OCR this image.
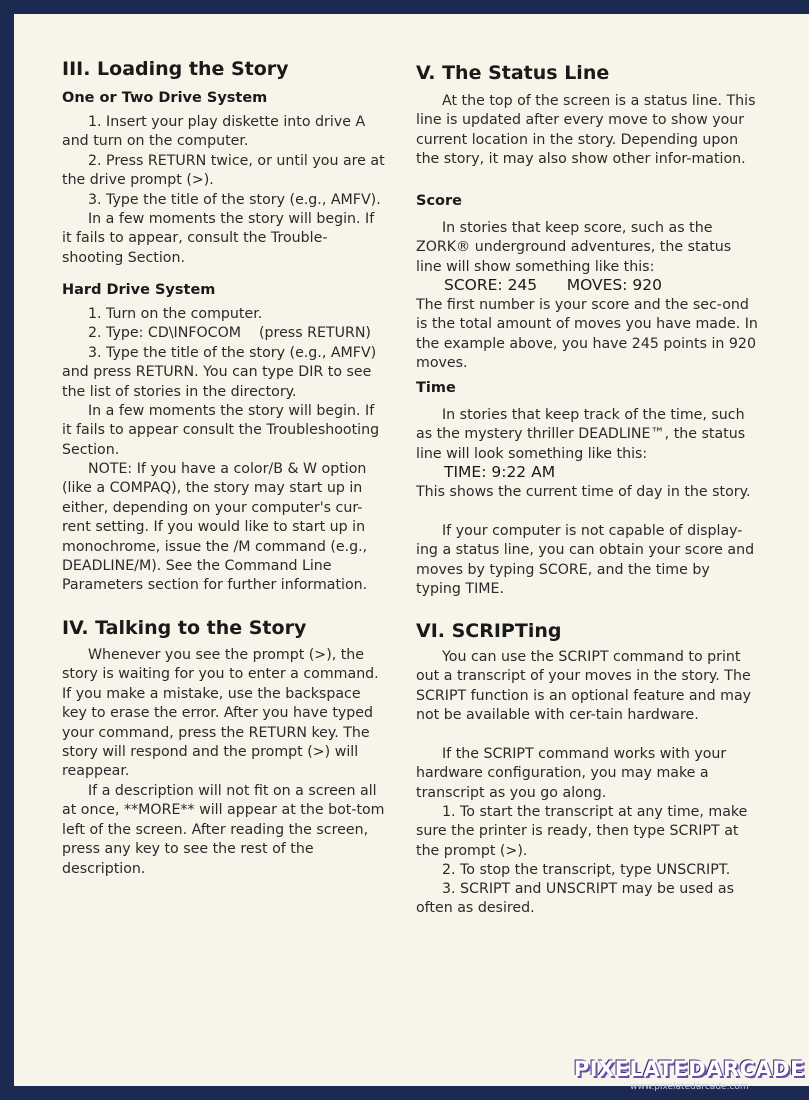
III. Loading the Story
One or Two Drive System

1. Insert your play diskette into drive A and turn on the computer.

2. Press RETURN twice, or until you are at the drive prompt (>).

3. Type the title of the story (e.g., AMFV).

In a few moments the story will begin. If it fails to appear, consult the Trouble-shooting Section.

Hard Drive System

1. Turn on the computer.

2. Type: CD\INFOCOM    (press RETURN)

3. Type the title of the story (e.g., AMFV) and press RETURN. You can type DIR to see the list of stories in the directory.

In a few moments the story will begin. If it fails to appear consult the Troubleshooting Section.

NOTE: If you have a color/B & W option (like a COMPAQ), the story may start up in either, depending on your computer's cur-rent setting. If you would like to start up in monochrome, issue the /M command (e.g., DEADLINE/M). See the Command Line Parameters section for further information.

IV. Talking to the Story

Whenever you see the prompt (>), the story is waiting for you to enter a command. If you make a mistake, use the backspace key to erase the error. After you have typed your command, press the RETURN key. The story will respond and the prompt (>) will reappear.

If a description will not fit on a screen all at once, **MORE** will appear at the bot-tom left of the screen. After reading the screen, press any key to see the rest of the description.

V. The Status Line

At the top of the screen is a status line. This line is updated after every move to show your current location in the story. Depending upon the story, it may also show other infor-mation.

Score

In stories that keep score, such as the ZORK® underground adventures, the status line will show something like this:

SCORE: 245      MOVES: 920

The first number is your score and the sec-ond is the total amount of moves you have made. In the example above, you have 245 points in 920 moves.

Time

In stories that keep track of the time, such as the mystery thriller DEADLINE™, the status line will look something like this:

TIME: 9:22 AM

This shows the current time of day in the story.

If your computer is not capable of display-ing a status line, you can obtain your score and moves by typing SCORE, and the time by typing TIME.

VI. SCRIPTing

You can use the SCRIPT command to print out a transcript of your moves in the story. The SCRIPT function is an optional feature and may not be available with cer-tain hardware.

If the SCRIPT command works with your hardware configuration, you may make a transcript as you go along.

1. To start the transcript at any time, make sure the printer is ready, then type SCRIPT at the prompt (>).

2. To stop the transcript, type UNSCRIPT.

3. SCRIPT and UNSCRIPT may be used as often as desired.

PIXELATEDARCADE
www.pixelatedarcade.com
